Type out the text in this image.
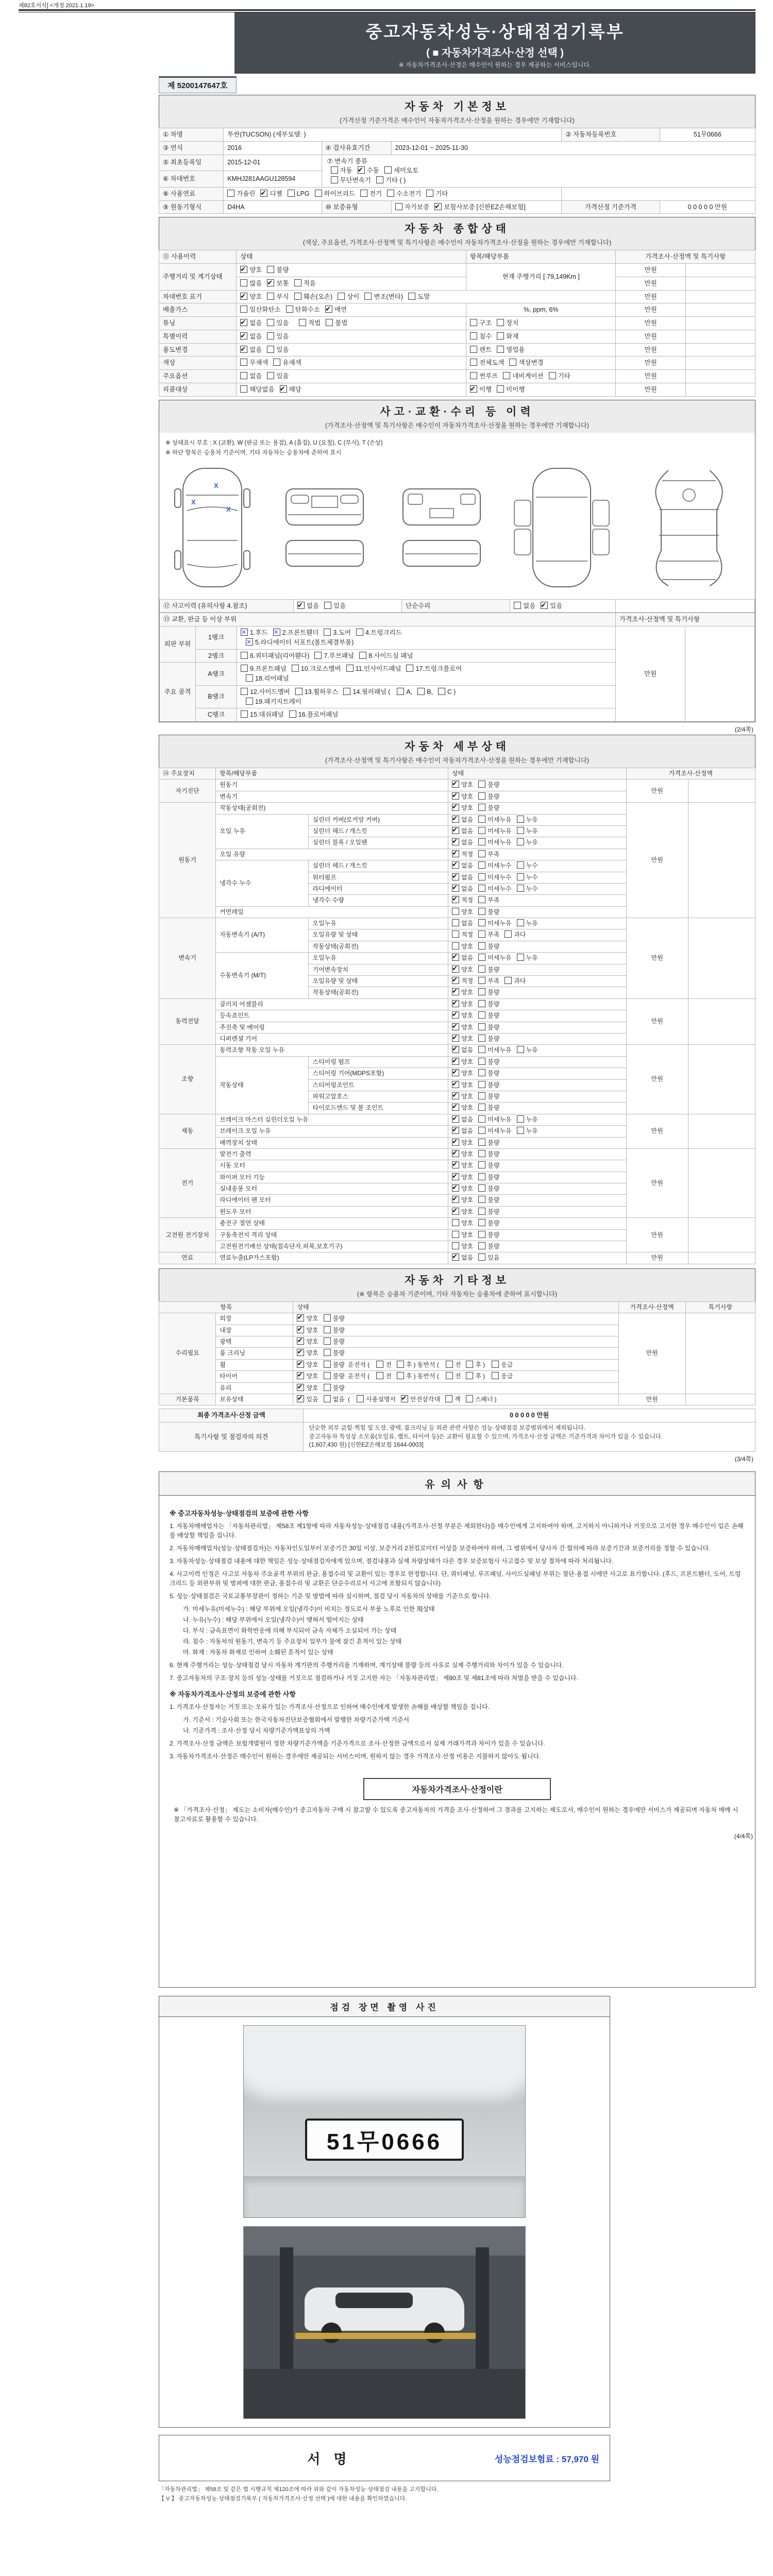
제82호서식] <개정 2021.1.19>
중고자동차성능·상태점검기록부
( ■ 자동차가격조사·산정 선택 )
※ 자동차가격조사·산정은 매수인이 원하는 경우 제공하는 서비스입니다.
제 5200147647호
자동차 기본정보
(가격산정 기준가격은 매수인이 자동차가격조사·산정을 원하는 경우에만 기재합니다)
① 차명	투싼(TUCSON) (세부모델: )			② 자동차등록번호	51무0666
③ 연식	2016	④ 검사유효기간	2023-12-01 ~ 2025-11-30		
⑤ 최초등록일	2015-12-01	⑦ 변속기 종류
자동 ✔ 수동 세미오토
무단변속기 기타 ( )
⑥ 차대번호	KMHJ281AAGU128594				
⑧ 사용연료	가솔린 ✔ 디젤 LPG 하이브리드 전기 수소전기 기타	
⑨ 원동기형식	D4HA	⑩ 보증유형	자가보증 ✔ 보험사보증 [신한EZ손해보험]	가격산정 기준가격	0 0 0 0 0 만원
자동차 종합상태
(색상, 주요옵션, 가격조사·산정액 및 특기사항은 매수인이 자동차가격조사·산정을 원하는 경우에만 기재합니다)
⑪ 사용이력	상태	항목/해당부품	가격조사·산정액 및 특기사항	
주행거리 및 계기상태	✔양호 불량	현재 주행거리 [ 79,149Km ]	만원	
	많음 ✔ 보통 적음		만원	
차대번호 표기	✔양호 부식 훼손(오손) 상이 변조(변타) 도말		만원	
배출가스	일산화탄소 탄화수소 ✔ 매연	%, ppm, 6%	만원	
튜닝	✔없음 있음 적법 불법	구조 장치	만원	
특별이력	✔없음 있음	침수 화재	만원	
용도변경	✔없음 있음	렌트 영업용	만원	
색상	무채색 유채색	전체도색 색상변경	만원	
주요옵션	없음 있음	썬루프 네비게이션 기타	만원	
리콜대상	해당없음 ✔ 해당	✔이행 미이행	만원	
사고·교환·수리 등 이력
(가격조사·산정액 및 특기사항은 매수인이 자동차가격조사·산정을 원하는 경우에만 기재합니다)
※ 상태표시 부호 : X (교환), W (판금 또는 용접), A (흠집), U (요철), C (부식), T (손상)
※ 하단 항목은 승용차 기준이며, 기타 자동차는 승용차에 준하여 표시
X
X
X
⑫ 사고이력 (유의사항 4.참조)	✔없음 있음	단순수리	없음 ✔ 있음	
⑬ 교환, 판금 등 이상 부위			가격조사·산정액 및 특기사항	
외판 부위	1랭크	✕1.후드 ✕ 2.프론트휀더 3.도어 4.트렁크리드
✕5.라디에이터 서포트(볼트체결부품)	만원	
	2랭크	6.쿼터패널(리어휀다) 7.루브패널 8.사이드실 패널		
주요 골격	A랭크	9.프론트패널 10.크로스멤버 11.인사이드패널 17.트렁크플로어
18.리어패널		
	B랭크	12.사이드멤버 13.휠하우스 14.필러패널 ( A, B, C )
19.패키지트레이		
	C랭크	15.대쉬패널 16.플로어패널		
(2/4쪽)
자동차 세부상태
(가격조사·산정액 및 특기사항은 매수인이 자동차가격조사·산정을 원하는 경우에만 기재합니다)
⑭ 주요장치	항목/해당부품		상태	가격조사·산정액	
자기진단	원동기	✔양호 불량	만원	
	변속기	✔양호 불량
원동기	작동상태(공회전)	✔양호 불량	만원	
	오일 누유	실린더 커버(로커암 커버)	✔없음 미세누유 누유
		실린더 헤드 / 개스킷	✔없음 미세누유 누유
		실린더 블록 / 오일팬	✔없음 미세누유 누유
	오일 유량	✔적정 부족
	냉각수 누수	실린더 헤드 / 개스킷	✔없음 미세누수 누수
		워터펌프	✔없음 미세누수 누수
		라디에이터	✔없음 미세누수 누수
		냉각수 수량	✔적정 부족
	커먼레일		양호 불량		
변속기	자동변속기 (A/T)	오일누유	없음 미세누유 누유	만원	
		오일유량 및 상태	적정 부족 과다		
		작동상태(공회전)	양호 불량		
	수동변속기 (M/T)	오일누유	✔없음 미세누유 누유
		기어변속장치	✔양호 불량
		오일유량 및 상태	✔적정 부족 과다
		작동상태(공회전)	✔양호 불량
동력전달	클러치 어셈블리	✔양호 불량	만원	
	등속죠인트	✔양호 불량
	추진축 및 베어링	✔양호 불량
	디퍼렌셜 기어	✔양호 불량
조향	동력조향 작동 오일 누유	✔없음 미세누유 누유	만원	
	작동상태	스티어링 펌프	✔양호 불량
		스티어링 기어(MDPS포함)	✔양호 불량
		스티어링조인트	✔양호 불량
		파워고압호스	✔양호 불량
		타이로드엔드 및 볼 조인트	✔양호 불량
제동	브레이크 마스터 실린더오일 누유	✔없음 미세누유 누유	만원	
	브레이크 오일 누유	✔없음 미세누유 누유
	배력장치 상태	✔양호 불량
전기	발전기 출력	✔양호 불량	만원	
	시동 모터	✔양호 불량
	와이퍼 모터 기능	✔양호 불량
	실내송풍 모터	✔양호 불량
	라디에이터 팬 모터	✔양호 불량
	윈도우 모터	✔양호 불량
고전원 전기장치	충전구 절연 상태		양호 불량	만원	
	구동축전지 격리 상태		양호 불량		
	고전원전기배선 상태(접속단자,피복,보호기구)		양호 불량		
연료	연료누출(LP가스포함)	✔없음 있음	만원	
자동차 기타정보
(※ 항목은 승용차 기준이며, 기타 자동차는 승용차에 준하여 표시합니다)
항목		상태	가격조사·산정액	특기사항
수리필요	외장	✔양호 불량	만원	
	내장	✔양호 불량
	광택	✔양호 불량
	룸 크리닝	✔양호 불량
	휠	✔양호 불량 운전석 ( 전 후 ) 동반석 ( 전 후 ) 응급
	타이어	✔양호 불량 운전석 ( 전 후 ) 동반석 ( 전 후 ) 응급
	유리	✔양호 불량
기본품목	보유상태	✔있음 없음 ( 사용설명서 ✔ 안전삼각대 잭 스패너 )	만원	
최종 가격조사·산정 금액	0 0 0 0 0 만원
특기사항 및 점검자의 의견	단순한 외부 긁힘·찍힘 및 도장, 광택, 룸크리닝 등 외관 관련 사항은 성능·상태점검 보증범위에서 제외됩니다.
중고자동차 특성상 소모품(오일류, 벨트, 타이어 등)은 교환이 필요할 수 있으며, 가격조사·산정 금액은 기준가격과 차이가 있을 수 있습니다.
(1,607,430 원) [신한EZ손해보험 1644-0003]
(3/4쪽)
유의사항
※ 중고자동차성능·상태점검의 보증에 관한 사항
1. 자동차매매업자는 「자동차관리법」 제58조 제1항에 따라 자동차성능·상태점검 내용(가격조사·산정 부분은 제외한다)을 매수인에게 고지하여야 하며, 고지하지 아니하거나 거짓으로 고지한 경우 매수인이 입은 손해를 배상할 책임을 집니다.
2. 자동차매매업자(성능·상태점검자)는 자동차인도일부터 보증기간 30일 이상, 보증거리 2천킬로미터 이상을 보증하여야 하며, 그 범위에서 당사자 간 합의에 따라 보증기간과 보증거리를 정할 수 있습니다.
3. 자동차성능·상태점검 내용에 대한 책임은 성능·상태점검자에게 있으며, 점검내용과 실제 차량상태가 다른 경우 보증보험사 사고접수 및 보상 절차에 따라 처리됩니다.
4. 사고이력 인정은 사고로 자동차 주요골격 부위의 판금, 용접수리 및 교환이 있는 경우로 한정합니다. 단, 쿼터패널, 루프패널, 사이드실패널 부위는 절단·용접 시에만 사고로 표기합니다. (후드, 프론트휀더, 도어, 트렁크리드 등 외판부위 및 범퍼에 대한 판금, 용접수리 및 교환은 단순수리로서 사고에 포함되지 않습니다)
5. 성능·상태점검은 국토교통부장관이 정하는 기준 및 방법에 따라 실시하며, 점검 당시 자동차의 상태를 기준으로 합니다.
가. 미세누유(미세누수) : 해당 부위에 오일(냉각수)이 비치는 정도로서 부품 노후로 인한 現상태
나. 누유(누수) : 해당 부위에서 오일(냉각수)이 맺혀서 떨어지는 상태
다. 부식 : 금속표면이 화학반응에 의해 부식되어 금속 자체가 소실되어 가는 상태
라. 침수 : 자동차의 원동기, 변속기 등 주요장치 일부가 물에 잠긴 흔적이 있는 상태
마. 화재 : 자동차 화재로 인하여 소훼된 흔적이 있는 상태
6. 현재 주행거리는 성능·상태점검 당시 자동차 계기판의 주행거리를 기재하며, 계기상태 불량 등의 사유로 실제 주행거리와 차이가 있을 수 있습니다.
7. 중고자동차의 구조·장치 등의 성능·상태를 거짓으로 점검하거나 거짓 고지한 자는 「자동차관리법」 제80조 및 제81조에 따라 처벌을 받을 수 있습니다.
※ 자동차가격조사·산정의 보증에 관한 사항
1. 가격조사·산정자는 거짓 또는 오류가 있는 가격조사·산정으로 인하여 매수인에게 발생한 손해를 배상할 책임을 집니다.
가. 기준서 : 기술사회 또는 한국자동차진단보증협회에서 발행한 차량기준가액 기준서
나. 기준가격 : 조사·산정 당시 차량기준가액표상의 가액
2. 가격조사·산정 금액은 보험개발원이 정한 차량기준가액을 기준가격으로 조사·산정한 금액으로서 실제 거래가격과 차이가 있을 수 있습니다.
3. 자동차가격조사·산정은 매수인이 원하는 경우에만 제공되는 서비스이며, 원하지 않는 경우 가격조사·산정 비용은 지불하지 않아도 됩니다.
자동차가격조사·산정이란
※ 「가격조사·산정」 제도는 소비자(매수인)가 중고자동차 구매 시 참고할 수 있도록 중고자동차의 가격을 조사·산정하여 그 결과를 고지하는 제도로서, 매수인이 원하는 경우에만 서비스가 제공되며 자동차 매매 시 참고자료로 활용할 수 있습니다.
(4/4쪽)
점검 장면 촬영 사진
51무0666
서명	성능점검보험료 : 57,970 원
「자동차관리법」 제58조 및 같은 법 시행규칙 제120조에 따라 위와 같이 자동차성능·상태점검 내용을 고지합니다.
【 V 】 중고자동차성능·상태점검기록부 ( 자동차가격조사·산정 선택 )에 대한 내용을 확인하였습니다.
